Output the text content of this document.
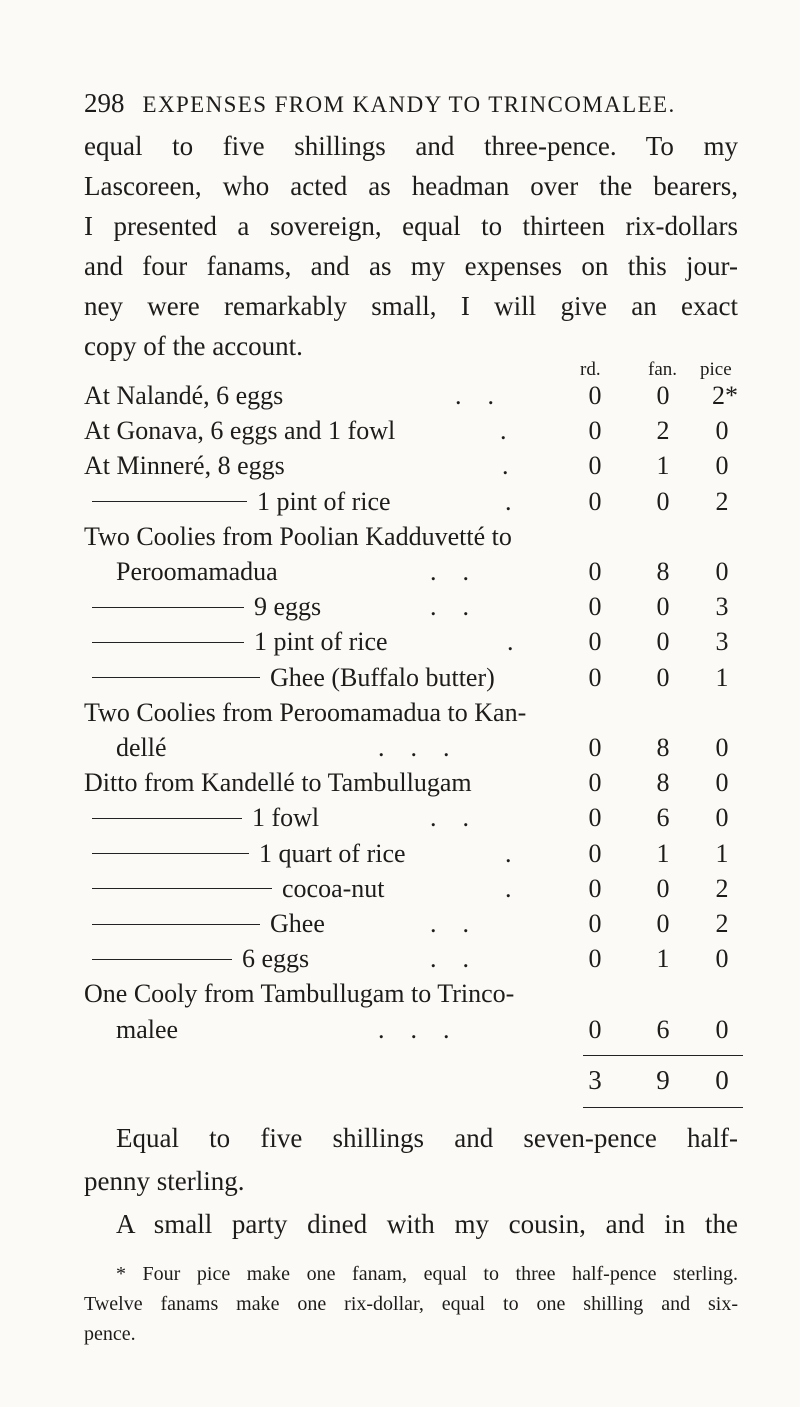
298 EXPENSES FROM KANDY TO TRINCOMALEE.
equal to five shillings and three-pence. To my
Lascoreen, who acted as headman over the bearers,
I presented a sovereign, equal to thirteen rix-dollars
and four fanams, and as my expenses on this jour-
ney were remarkably small, I will give an exact
copy of the account.
rd. fan. pice
At Nalandé, 6 eggs	.    .	0 0 2*
At Gonava, 6 eggs and 1 fowl	.	0 2 0
At Minneré, 8 eggs	.	0 1 0
1 pint of rice	.	0 0 2
Two Coolies from Poolian Kadduvetté to
Peroomamadua	.    .	0 8 0
9 eggs	.    .	0 0 3
1 pint of rice	.	0 0 3
Ghee (Buffalo butter)	0 0 1
Two Coolies from Peroomamadua to Kan-
dellé	.    .    .	0 8 0
Ditto from Kandellé to Tambullugam	0 8 0
1 fowl	.    .	0 6 0
1 quart of rice	.	0 1 1
cocoa-nut	.	0 0 2
Ghee	.    .	0 0 2
6 eggs	.    .	0 1 0
One Cooly from Tambullugam to Trinco-
malee	.    .    .	0 6 0
3 9 0
Equal to five shillings and seven-pence half-
penny sterling.
A small party dined with my cousin, and in the
* Four pice make one fanam, equal to three half-pence sterling.
Twelve fanams make one rix-dollar, equal to one shilling and six-
pence.
